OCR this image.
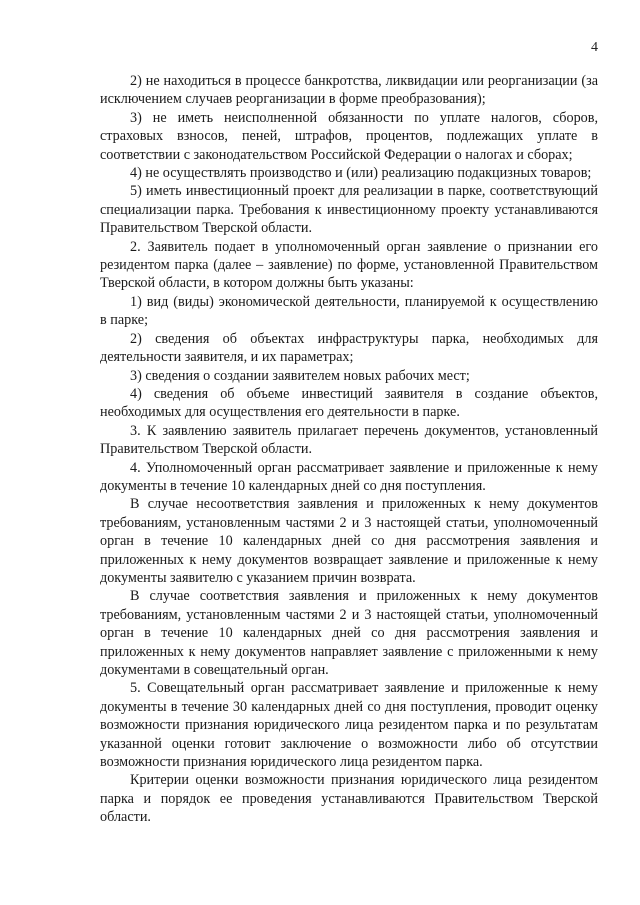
4

2) не находиться в процессе банкротства, ликвидации или реорганизации (за исключением случаев реорганизации в форме преобразования);

3) не иметь неисполненной обязанности по уплате налогов, сборов, страховых взносов, пеней, штрафов, процентов, подлежащих уплате в соответствии с законодательством Российской Федерации о налогах и сборах;

4) не осуществлять производство и (или) реализацию подакцизных товаров;

5) иметь инвестиционный проект для реализации в парке, соответствующий специализации парка. Требования к инвестиционному проекту устанавливаются Правительством Тверской области.

2. Заявитель подает в уполномоченный орган заявление о признании его резидентом парка (далее – заявление) по форме, установленной Правительством Тверской области, в котором должны быть указаны:

1) вид (виды) экономической деятельности, планируемой к осуществлению в парке;

2) сведения об объектах инфраструктуры парка, необходимых для деятельности заявителя, и их параметрах;

3) сведения о создании заявителем новых рабочих мест;

4) сведения об объеме инвестиций заявителя в создание объектов, необходимых для осуществления его деятельности в парке.

3. К заявлению заявитель прилагает перечень документов, установленный Правительством Тверской области.

4. Уполномоченный орган рассматривает заявление и приложенные к нему документы в течение 10 календарных дней со дня поступления.

В случае несоответствия заявления и приложенных к нему документов требованиям, установленным частями 2 и 3 настоящей статьи, уполномоченный орган в течение 10 календарных дней со дня рассмотрения заявления и приложенных к нему документов возвращает заявление и приложенные к нему документы заявителю с указанием причин возврата.

В случае соответствия заявления и приложенных к нему документов требованиям, установленным частями 2 и 3 настоящей статьи, уполномоченный орган в течение 10 календарных дней со дня рассмотрения заявления и приложенных к нему документов направляет заявление с приложенными к нему документами в совещательный орган.

5. Совещательный орган рассматривает заявление и приложенные к нему документы в течение 30 календарных дней со дня поступления, проводит оценку возможности признания юридического лица резидентом парка и по результатам указанной оценки готовит заключение о возможности либо об отсутствии возможности признания юридического лица резидентом парка.

Критерии оценки возможности признания юридического лица резидентом парка и порядок ее проведения устанавливаются Правительством Тверской области.
